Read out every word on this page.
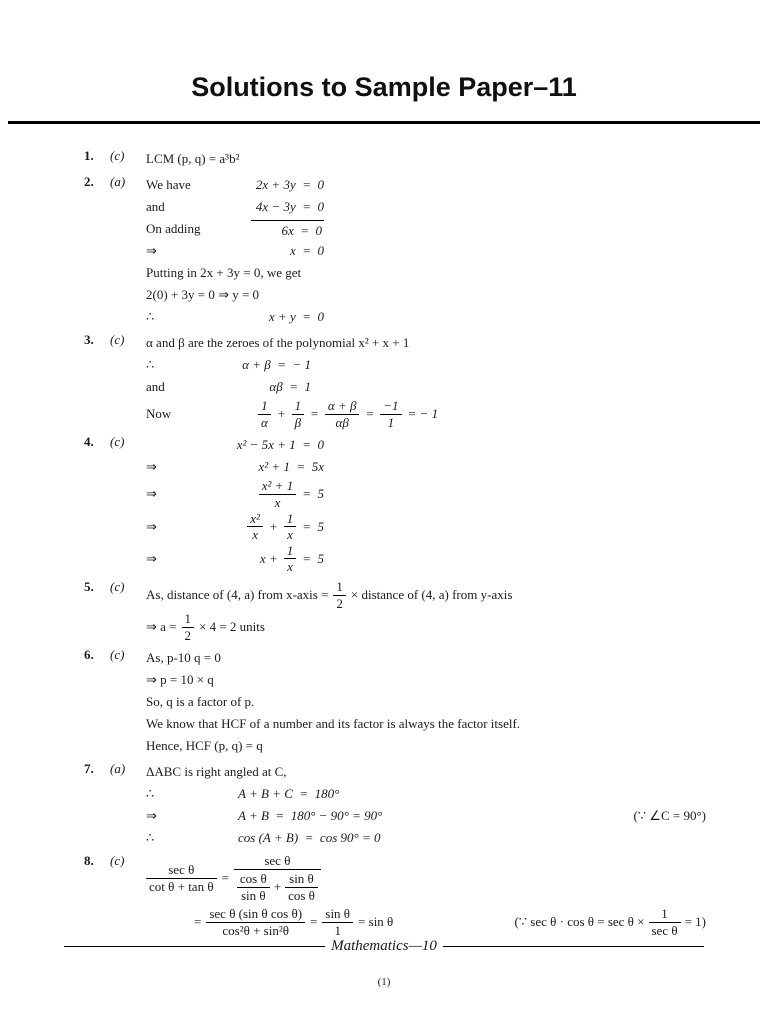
Solutions to Sample Paper–11
1.	(c)	LCM (p, q) = a³b²
2.	(a)	We have	2x + 3y  =  0
and	4x − 3y  =  0
On adding	6x  =  0
⇒	x  =  0
Putting in 2x + 3y = 0, we get
2(0) + 3y = 0 ⇒ y = 0
∴	x + y  =  0
3.	(c)	α and β are the zeroes of the polynomial x² + x + 1
∴	α + β  =  − 1
and	αβ  =  1
Now	$\frac{1}{\alpha} + \frac{1}{\beta} = \frac{\alpha + \beta}{\alpha\beta} = \frac{-1}{1}$ = − 1
4.	(c)	x² − 5x + 1  =  0
⇒	x² + 1  =  5x
⇒	$\frac{\text{x² + 1}}{x} = 5$
⇒	$\frac{\text{x²}}{x} + \frac{1}{x} = 5$
⇒	$x + \frac{1}{x} = 5$
5.	(c)
As, distance of (4, a) from x-axis = $\frac{1}{2}$ × distance of (4, a) from y-axis
⇒ $a = \frac{1}{2} \times 4 = 2$ units
6.	(c)	As, p-10 q = 0
⇒ p = 10 × q
So, q is a factor of p.
We know that HCF of a number and its factor is always the factor itself.
Hence, HCF (p, q) = q
7.	(a)	ΔABC is right angled at C,
∴	A + B + C  =  180°
⇒	A + B  =  180° − 90° = 90°	(∵ ∠C = 90°)
∴	cos (A + B)  =  cos 90° = 0
8.	(c)
$\frac{\text{sec θ}}{\text{cot θ + tan θ}}$ =
sec θ
$\frac{\text{cos θ}}{\text{sin θ}} + \frac{\text{sin θ}}{\text{cos θ}}$
= $\frac{\text{sec θ (sin θ cos θ)}}{\text{cos²θ + sin²θ}} = \frac{\text{sin θ}}{1} = \sin \theta$	(∵ $\sec \theta \cdot \cos \theta = \sec \theta \times \frac{1}{\text{sec θ}} = 1$)
Mathematics—10
(1)
